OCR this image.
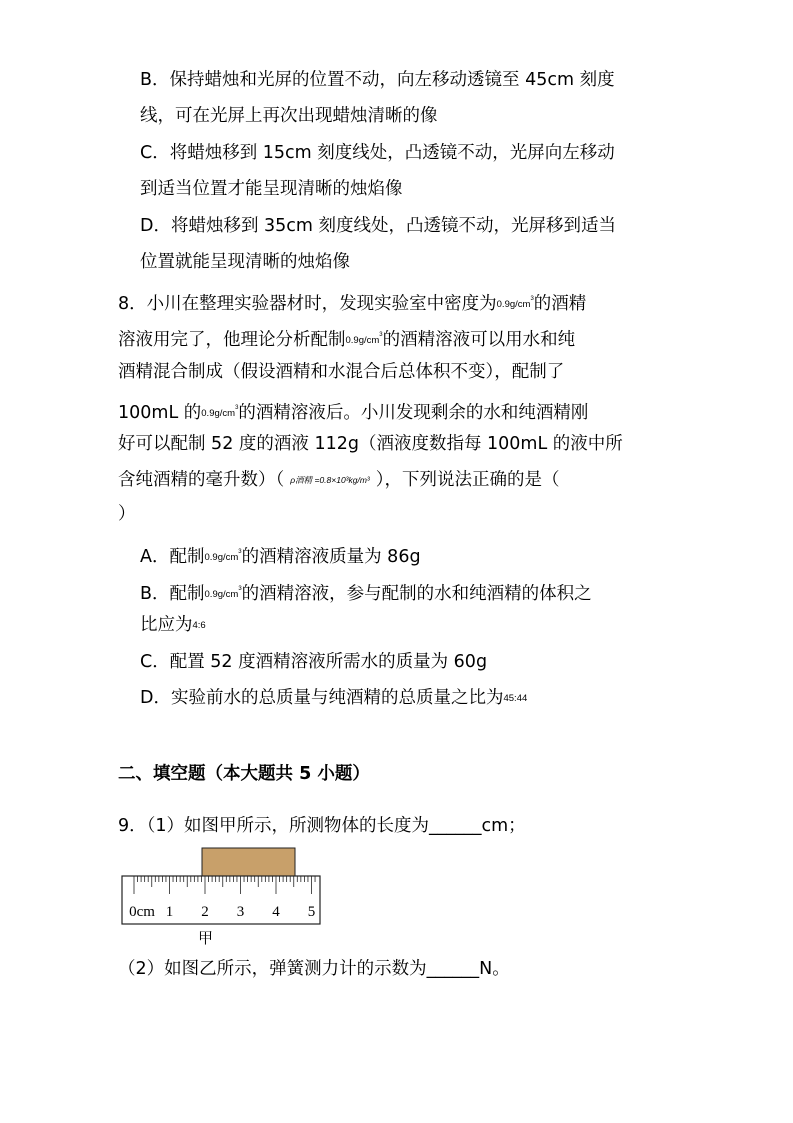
B．保持蜡烛和光屏的位置不动，向左移动透镜至 45cm 刻度
线，可在光屏上再次出现蜡烛清晰的像
C．将蜡烛移到 15cm 刻度线处，凸透镜不动，光屏向左移动
到适当位置才能呈现清晰的烛焰像
D．将蜡烛移到 35cm 刻度线处，凸透镜不动，光屏移到适当
位置就能呈现清晰的烛焰像
8．小川在整理实验器材时，发现实验室中密度为$0.9g/cm^3$的酒精
溶液用完了，他理论分析配制$0.9g/cm^3$的酒精溶液可以用水和纯
酒精混合制成（假设酒精和水混合后总体积不变），配制了
100mL 的$0.9g/cm^3$的酒精溶液后。小川发现剩余的水和纯酒精刚
好可以配制 52 度的酒液 112g（酒液度数指每 100mL 的液中所
含纯酒精的毫升数）（ ρ酒精 =0.8×10³kg/m³ ），下列说法正确的是（
）
A．配制$0.9g/cm^3$的酒精溶液质量为 86g
B．配制$0.9g/cm^3$的酒精溶液，参与配制的水和纯酒精的体积之
比应为4:6
C．配置 52 度酒精溶液所需水的质量为 60g
D．实验前水的总质量与纯酒精的总质量之比为45:44
二、填空题（本大题共 5 小题）
9．（1）如图甲所示，所测物体的长度为______cm；
0cm 1 2 3 4 5
甲
（2）如图乙所示，弹簧测力计的示数为______N。
